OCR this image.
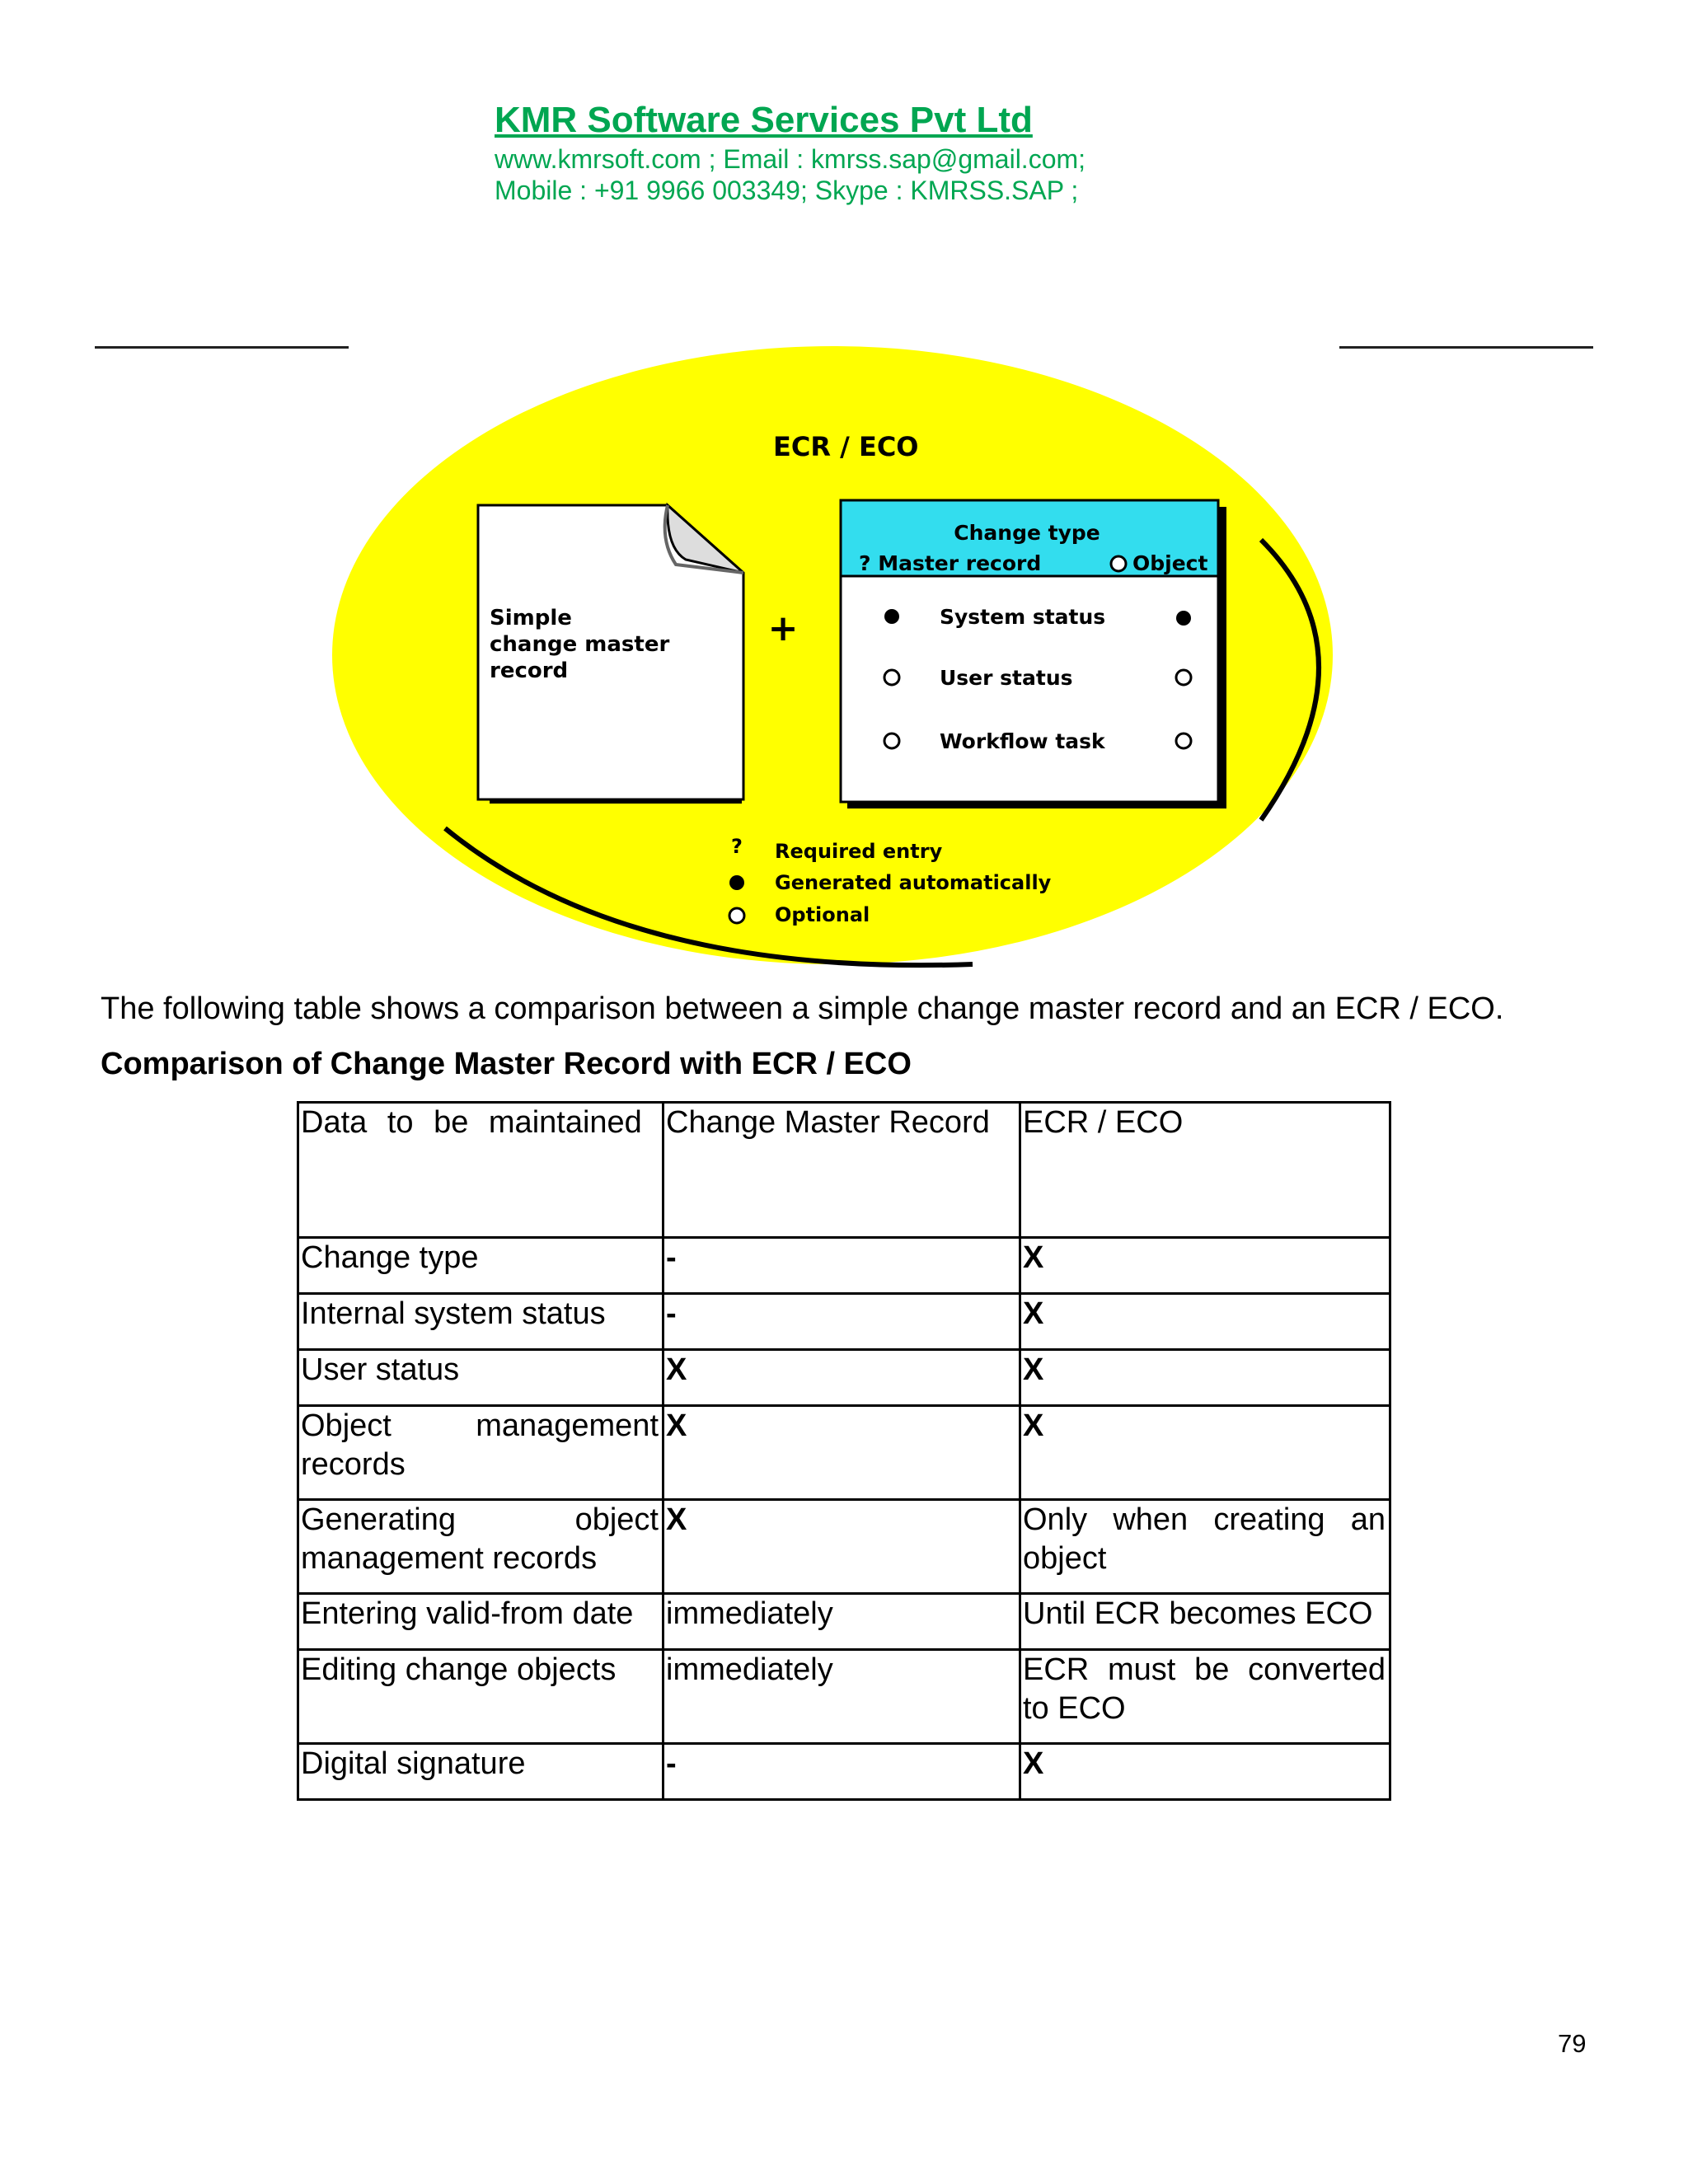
KMR Software Services Pvt Ltd
www.kmrsoft.com ; Email : kmrss.sap@gmail.com;
Mobile : +91 9966 003349; Skype : KMRSS.SAP ;
ECR / ECO
Simple change master record
+
Change type
? Master record	Object
System status
User status
Workflow task
? Required entry
Generated automatically
Optional
The following table shows a comparison between a simple change master record and an ECR / ECO.
Comparison of Change Master Record with ECR / ECO
Data to be maintained	Change Master Record	ECR / ECO
Change type	-	X
Internal system status	-	X
User status	X	X
Object management records	X	X
Generating object management records	X	Only when creating an object
Entering valid-from date	immediately	Until ECR becomes ECO
Editing change objects	immediately	ECR must be converted to ECO
Digital signature	-	X
79
